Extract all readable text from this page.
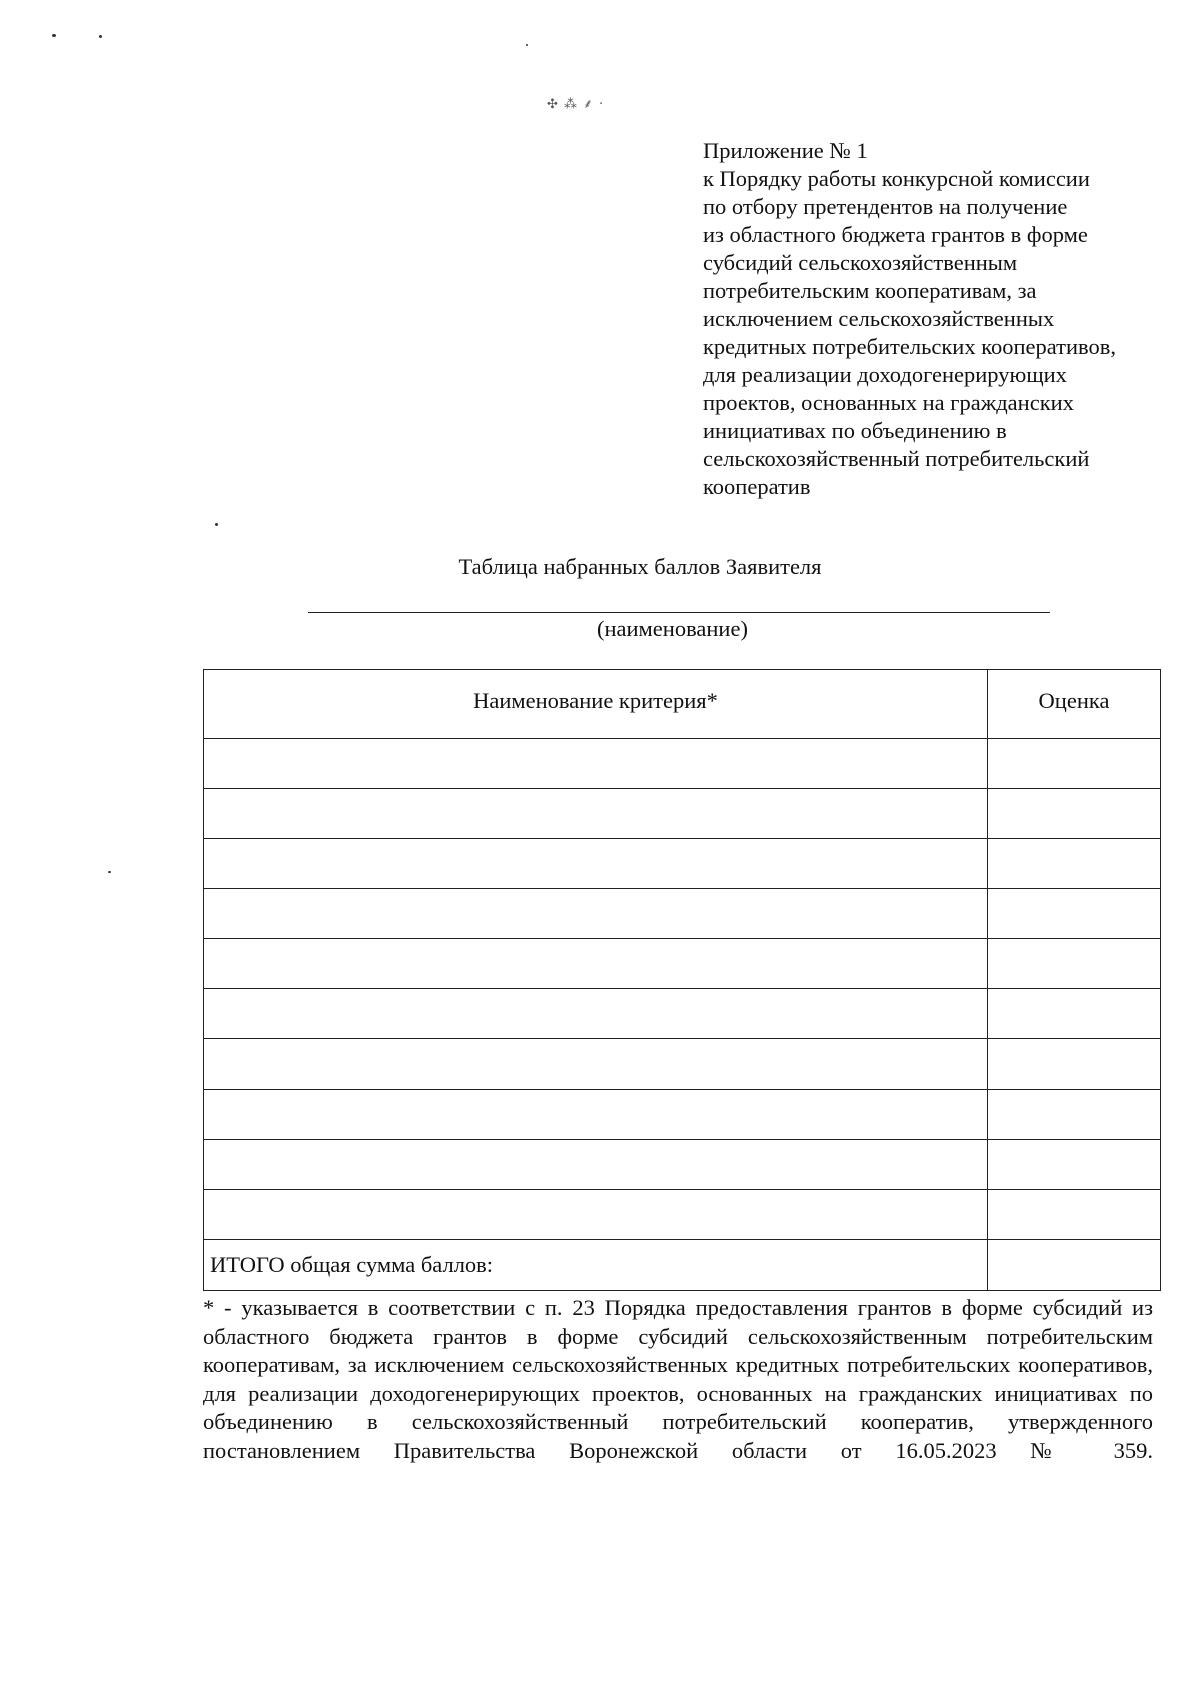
✣ ⁂ ⸙ ·
Приложение № 1
к Порядку работы конкурсной комиссии
по отбору претендентов на получение
из областного бюджета грантов в форме
субсидий сельскохозяйственным
потребительским кооперативам, за
исключением сельскохозяйственных
кредитных потребительских кооперативов,
для реализации доходогенерирующих
проектов, основанных на гражданских
инициативах по объединению в
сельскохозяйственный потребительский
кооператив
Таблица набранных баллов Заявителя
(наименование)
Наименование критерия*	Оценка

ИТОГО общая сумма баллов:	

* - указывается в соответствии с п. 23 Порядка предоставления грантов в форме субсидий из областного бюджета грантов в форме субсидий сельскохозяйственным потребительским кооперативам, за исключением сельскохозяйственных кредитных потребительских кооперативов, для реализации доходогенерирующих проектов, основанных на гражданских инициативах по объединению в сельскохозяйственный потребительский кооператив, утвержденного постановлением Правительства Воронежской области от 16.05.2023 № 359.
